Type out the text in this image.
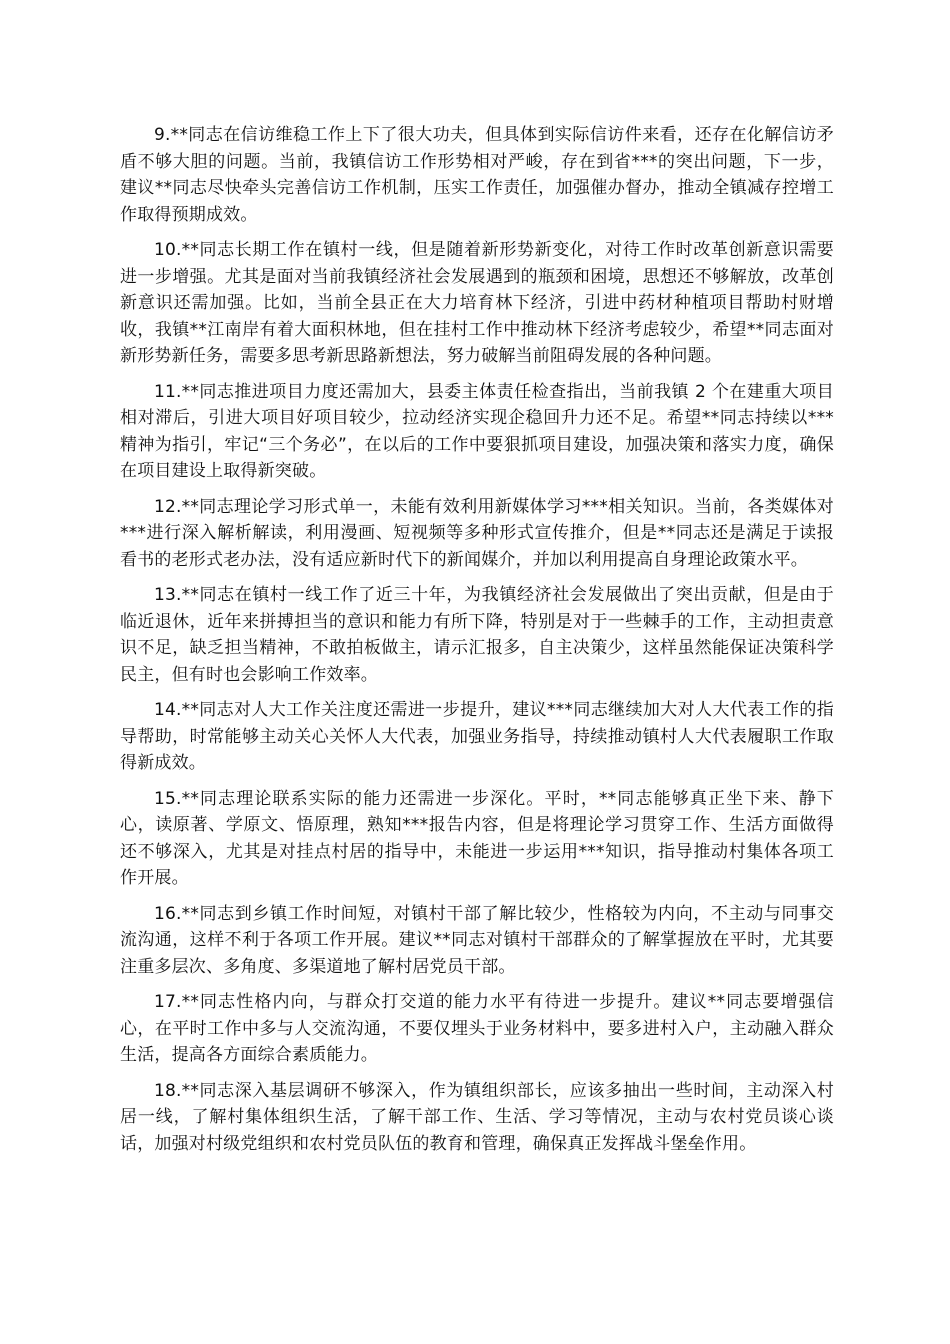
9.**同志在信访维稳工作上下了很大功夫，但具体到实际信访件来看，还存在化解信访矛盾不够大胆的问题。当前，我镇信访工作形势相对严峻，存在到省***的突出问题，下一步，建议**同志尽快牵头完善信访工作机制，压实工作责任，加强催办督办，推动全镇减存控增工作取得预期成效。

10.**同志长期工作在镇村一线，但是随着新形势新变化，对待工作时改革创新意识需要进一步增强。尤其是面对当前我镇经济社会发展遇到的瓶颈和困境，思想还不够解放，改革创新意识还需加强。比如，当前全县正在大力培育林下经济，引进中药材种植项目帮助村财增收，我镇**江南岸有着大面积林地，但在挂村工作中推动林下经济考虑较少，希望**同志面对新形势新任务，需要多思考新思路新想法，努力破解当前阻碍发展的各种问题。

11.**同志推进项目力度还需加大，县委主体责任检查指出，当前我镇 2 个在建重大项目相对滞后，引进大项目好项目较少，拉动经济实现企稳回升力还不足。希望**同志持续以***精神为指引，牢记“三个务必”，在以后的工作中要狠抓项目建设，加强决策和落实力度，确保在项目建设上取得新突破。

12.**同志理论学习形式单一，未能有效利用新媒体学习***相关知识。当前，各类媒体对***进行深入解析解读，利用漫画、短视频等多种形式宣传推介，但是**同志还是满足于读报看书的老形式老办法，没有适应新时代下的新闻媒介，并加以利用提高自身理论政策水平。

13.**同志在镇村一线工作了近三十年，为我镇经济社会发展做出了突出贡献，但是由于临近退休，近年来拼搏担当的意识和能力有所下降，特别是对于一些棘手的工作，主动担责意识不足，缺乏担当精神，不敢拍板做主，请示汇报多，自主决策少，这样虽然能保证决策科学民主，但有时也会影响工作效率。

14.**同志对人大工作关注度还需进一步提升，建议***同志继续加大对人大代表工作的指导帮助，时常能够主动关心关怀人大代表，加强业务指导，持续推动镇村人大代表履职工作取得新成效。

15.**同志理论联系实际的能力还需进一步深化。平时，**同志能够真正坐下来、静下心，读原著、学原文、悟原理，熟知***报告内容，但是将理论学习贯穿工作、生活方面做得还不够深入，尤其是对挂点村居的指导中，未能进一步运用***知识，指导推动村集体各项工作开展。

16.**同志到乡镇工作时间短，对镇村干部了解比较少，性格较为内向，不主动与同事交流沟通，这样不利于各项工作开展。建议**同志对镇村干部群众的了解掌握放在平时，尤其要注重多层次、多角度、多渠道地了解村居党员干部。

17.**同志性格内向，与群众打交道的能力水平有待进一步提升。建议**同志要增强信心，在平时工作中多与人交流沟通，不要仅埋头于业务材料中，要多进村入户，主动融入群众生活，提高各方面综合素质能力。

18.**同志深入基层调研不够深入，作为镇组织部长，应该多抽出一些时间，主动深入村居一线，了解村集体组织生活，了解干部工作、生活、学习等情况，主动与农村党员谈心谈话，加强对村级党组织和农村党员队伍的教育和管理，确保真正发挥战斗堡垒作用。
